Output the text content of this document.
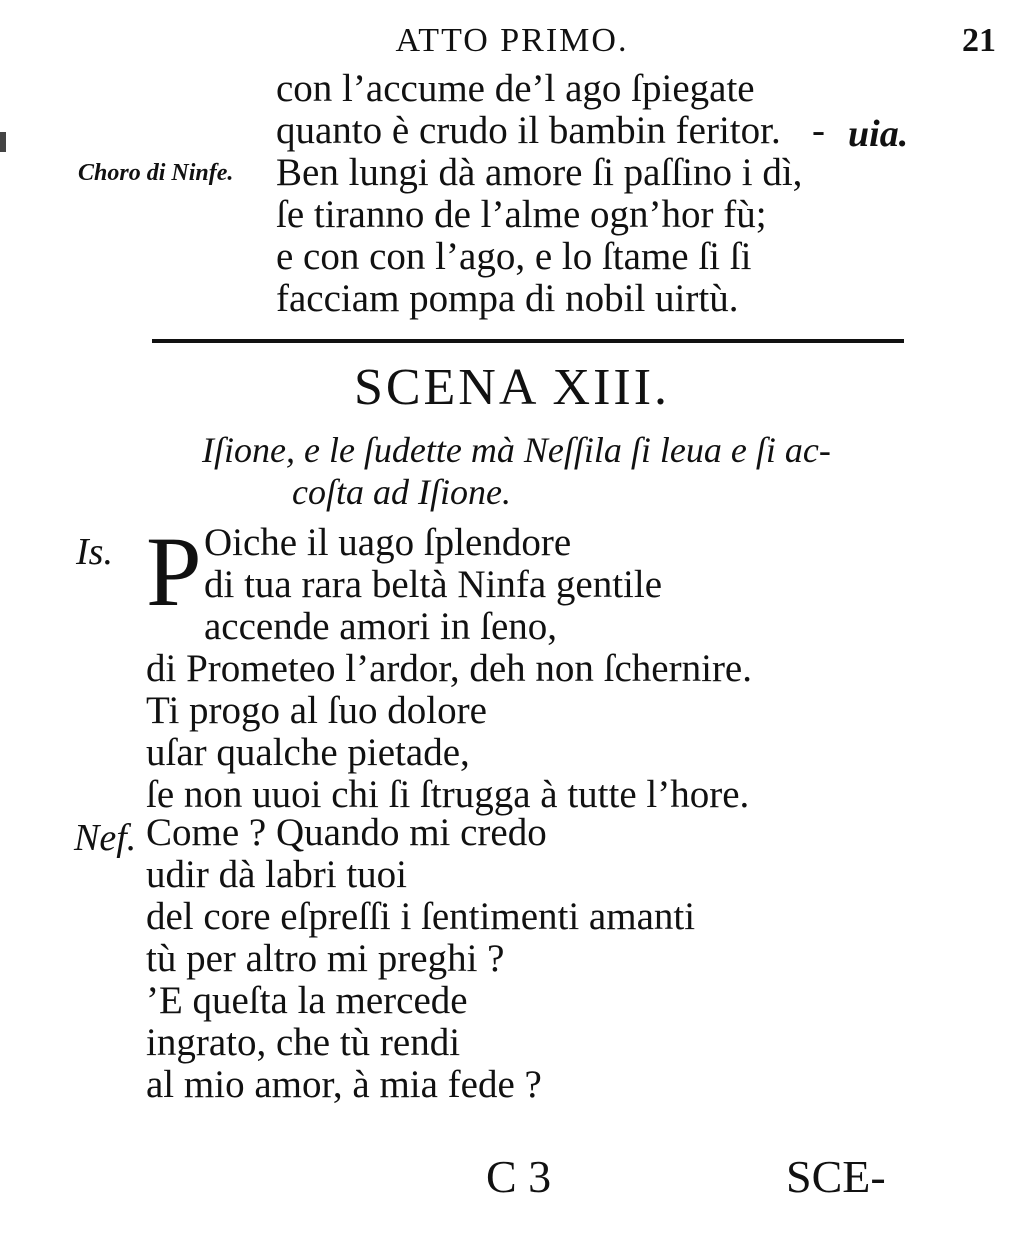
ATTO PRIMO.	21
con l’accume de’l ago ſpiegate
quanto è crudo il bambin feritor. - uia.
Choro di Ninfe. Ben lungi dà amore ſi paſſino i dì,
ſe tiranno de l’alme ogn’hor fù;
e con con l’ago, e lo ſtame ſi ſi
facciam pompa di nobil uirtù.
SCENA XIII.
Iſione, e le ſudette mà Neſſila ſi leua e ſi ac-
coſta ad Iſione.
Is. P Oiche il uago ſplendore
di tua rara beltà Ninfa gentile
accende amori in ſeno,
di Prometeo l’ardor, deh non ſchernire.
Ti progo al ſuo dolore
uſar qualche pietade,
ſe non uuoi chi ſi ſtrugga à tutte l’hore.
Nef. Come ? Quando mi credo
udir dà labri tuoi
del core eſpreſſi i ſentimenti amanti
tù per altro mi preghi ?
’E queſta la mercede
ingrato, che tù rendi
al mio amor, à mia fede ?
C 3	SCE-
